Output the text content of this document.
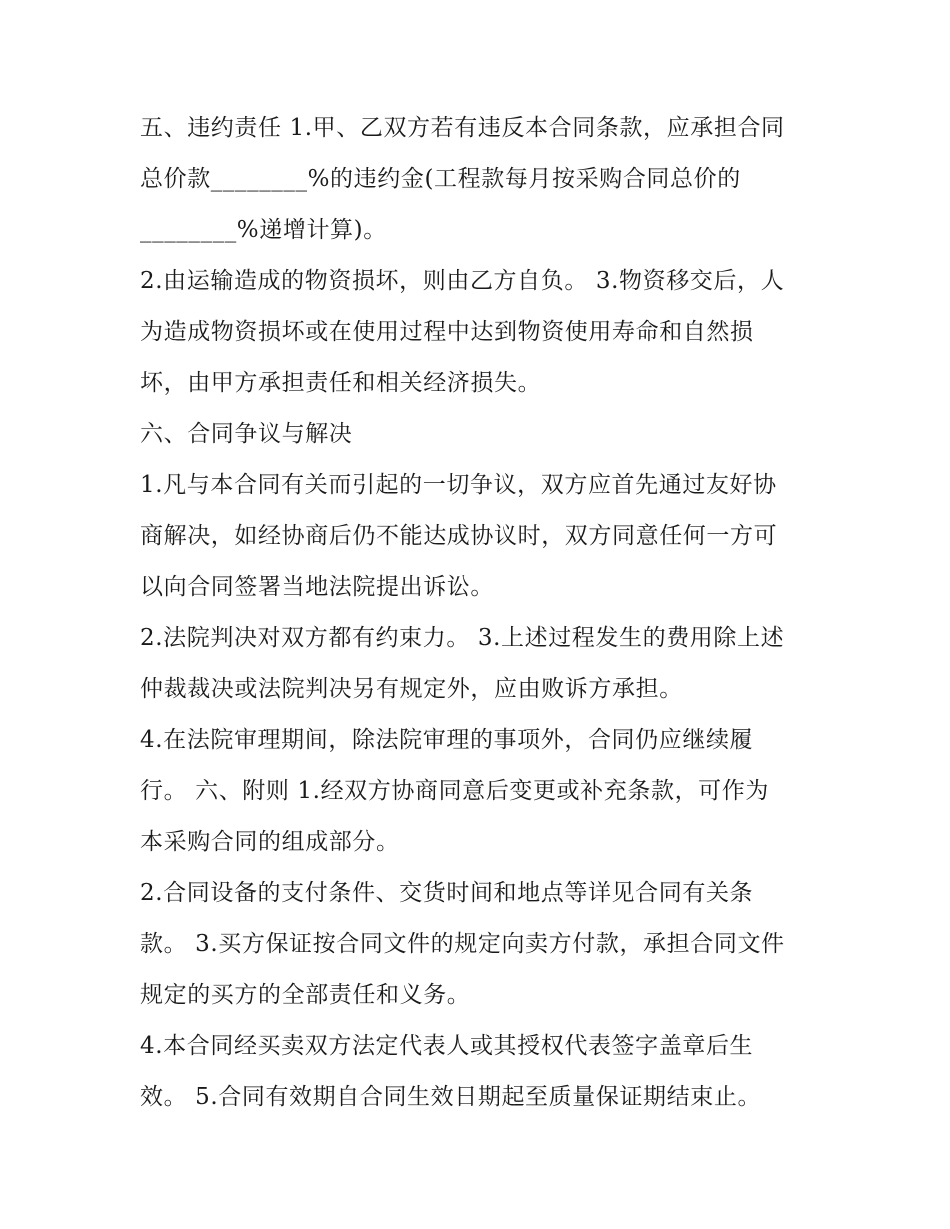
五、违约责任 1.甲、乙双方若有违反本合同条款，应承担合同
总价款________%的违约金(工程款每月按采购合同总价的
________%递增计算)。
2.由运输造成的物资损坏，则由乙方自负。 3.物资移交后，人
为造成物资损坏或在使用过程中达到物资使用寿命和自然损
坏，由甲方承担责任和相关经济损失。
六、合同争议与解决
1.凡与本合同有关而引起的一切争议，双方应首先通过友好协
商解决，如经协商后仍不能达成协议时，双方同意任何一方可
以向合同签署当地法院提出诉讼。
2.法院判决对双方都有约束力。 3.上述过程发生的费用除上述
仲裁裁决或法院判决另有规定外，应由败诉方承担。
4.在法院审理期间，除法院审理的事项外，合同仍应继续履
行。 六、附则 1.经双方协商同意后变更或补充条款，可作为
本采购合同的组成部分。
2.合同设备的支付条件、交货时间和地点等详见合同有关条
款。 3.买方保证按合同文件的规定向卖方付款，承担合同文件
规定的买方的全部责任和义务。
4.本合同经买卖双方法定代表人或其授权代表签字盖章后生
效。 5.合同有效期自合同生效日期起至质量保证期结束止。
